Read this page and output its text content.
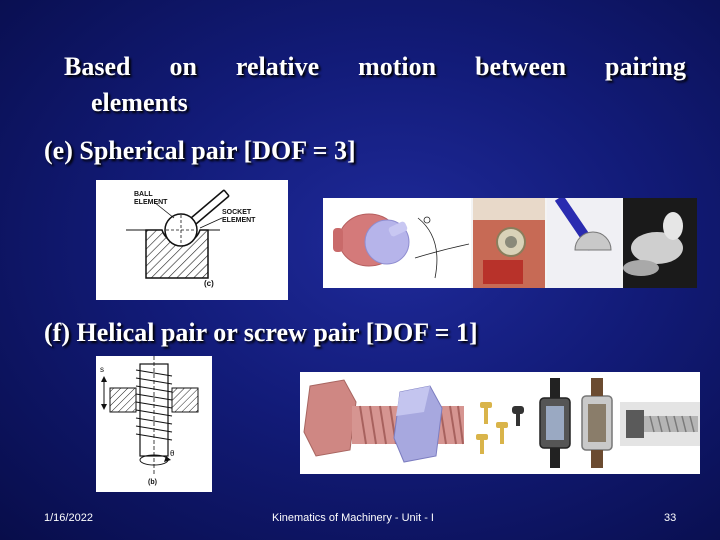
Based on relative motion between pairing
elements
(e) Spherical pair [DOF = 3]
BALL
ELEMENT
SOCKET
ELEMENT
(c)
(f) Helical pair or screw pair [DOF = 1]
s
θ
(b)
1/16/2022	Kinematics of Machinery - Unit - I	33
